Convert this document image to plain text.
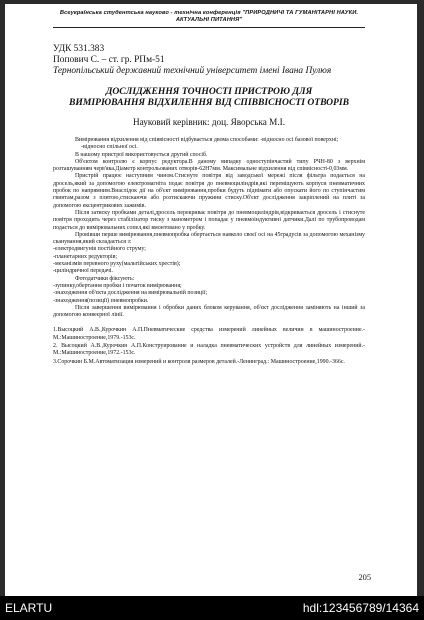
Всеукраїнська студентська науково - технічна конференція "ПРИРОДНИЧІ ТА ГУМАНІТАРНІ НАУКИ.
АКТУАЛЬНІ ПИТАННЯ"

УДК 531.383

Попович С. – ст. гр. РПм-51

Тернопільський державний технічний університет імені Івана Пулюя

ДОСЛІДЖЕННЯ ТОЧНОСТІ ПРИСТРОЮ ДЛЯ
ВИМІРЮВАННЯ ВІДХИЛЕННЯ ВІД СПІВВІСНОСТІ ОТВОРІВ
Науковий керівник: доц. Яворська М.І.

Вимірювання відхилення від співвісності відбувається двома способами: -відносно осі базової поверхні;

-відносно спільної осі.

В нашому пристрої використовується другий спосіб.

Об'єктом контролю є корпус редуктора.В даному випадку одноступінчастий типу РЧН-80 з верхнім розташуванням черв'яка.Діаметр контрольованих отворів-62Н7мм. Максимальне відхилення від співвісності-0,03мм.

Пристрій працює наступним чином.Стиснуте повітря від заводської мережі після фільтра подається на дросель,який за допомогою електромагніта подає повітря до пневмоциліндрів,які переміщують корпуси пневматичних пробок по напрямним.Внаслідок дії на об'єкт вимірювання,пробки будуть піднімати або опускати його по ступінчастим гвинтам,разом з плитою,стискаючи або розтискаючи пружини стиску.Об'єкт дослідження закріплений на плиті за допомогою ексцентрикових зажимів.

Після затиску пробками деталі,дросель перекриває повітря до пневмоциліндрів,відкривається дросель і стиснуте повітря проходить через стабілізатор тиску з манометром і попадає у пневмоіндуктивні датчики.Далі по трубопроводам подається до вимірювальних сопел,які вмонтовано у пробку.

Провівши перше вимірювання,пневмопробка обертається навколо своєї осі на 45градусів за допомогою механізму сканування,який складається з:

-електродвигунів постійного струму;

-планетарних редукторів;

-механізмів перевного руху(мальтійських хрестів);

-циліндричної передачі.

Фотодатчики фіксують:

-зупинку,обертання пробки і початок вимірювання;

-знаходження об'єкта дослідження на вимірювальній позиції;

-знаходження(позиції) пневмопробки.

Після завершення вимірювання і обробки даних блоком керування, об'єкт дослідження заміняють на інший за допомогою конвеєрної лінії.

1.Высоцкий А.В.,Курочкин А.П.Пневматические средства измерений линейных величин в машиностроение.-М.:Машиностроение,1979.-153с.

2. Высоцкий А.В.,Курочкин А.П.Конструирование и наладка пневматических устройств для линейных измерений.- М.:Машиностроение,1972.-153с.

3.Сорочкин Б.М.Автоматизация измерений и контроля размеров деталей.-Ленинград.: Машиностроение,1990.-366с.

205
ELARTU	hdl:123456789/14364
